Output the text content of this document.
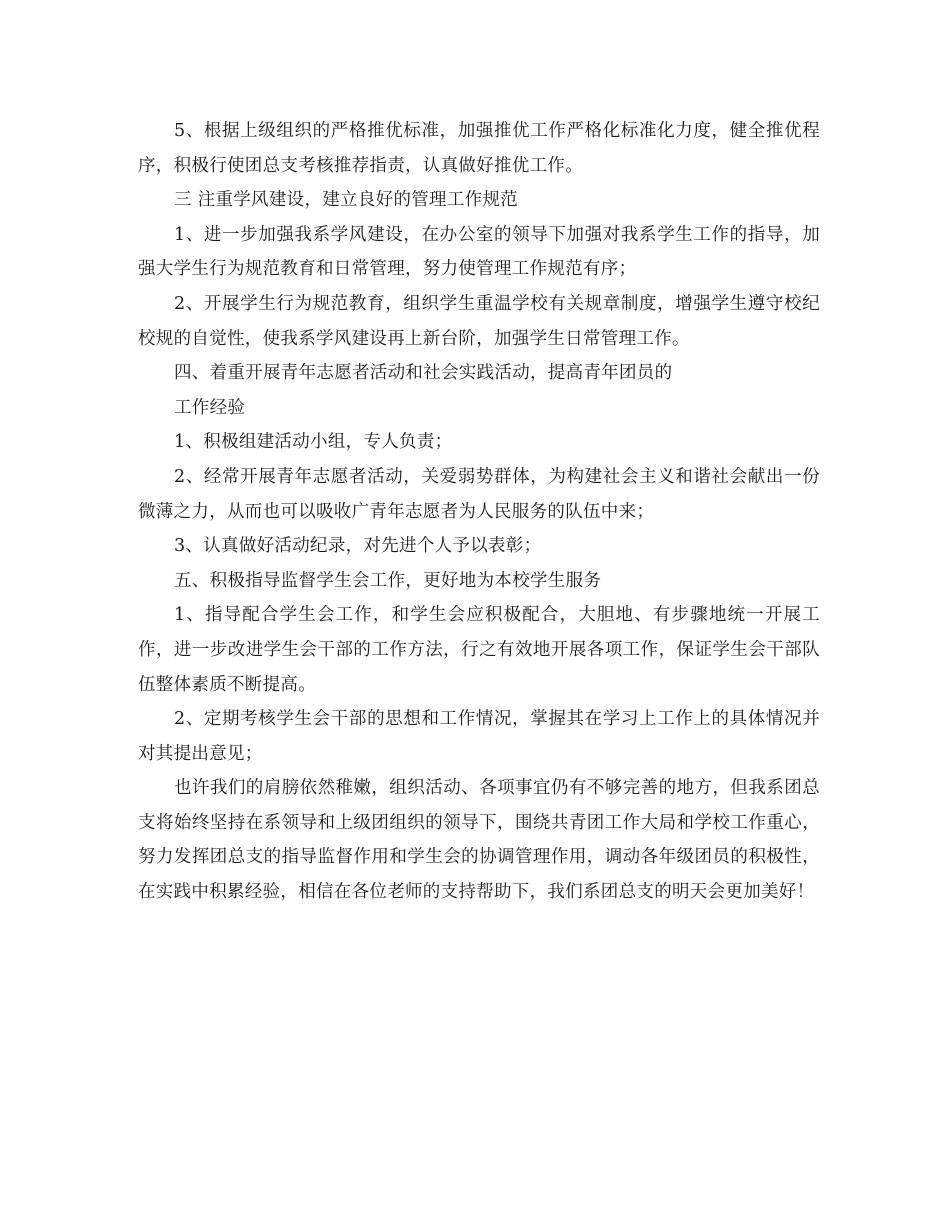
5、根据上级组织的严格推优标准，加强推优工作严格化标准化力度，健全推优程序，积极行使团总支考核推荐指责，认真做好推优工作。

三 注重学风建设，建立良好的管理工作规范

1、进一步加强我系学风建设，在办公室的领导下加强对我系学生工作的指导，加强大学生行为规范教育和日常管理，努力使管理工作规范有序；

2、开展学生行为规范教育，组织学生重温学校有关规章制度，增强学生遵守校纪校规的自觉性，使我系学风建设再上新台阶，加强学生日常管理工作。

四、着重开展青年志愿者活动和社会实践活动，提高青年团员的

工作经验

1、积极组建活动小组，专人负责；

2、经常开展青年志愿者活动，关爱弱势群体，为构建社会主义和谐社会献出一份微薄之力，从而也可以吸收广青年志愿者为人民服务的队伍中来；

3、认真做好活动纪录，对先进个人予以表彰；

五、积极指导监督学生会工作，更好地为本校学生服务

1、指导配合学生会工作，和学生会应积极配合，大胆地、有步骤地统一开展工作，进一步改进学生会干部的工作方法，行之有效地开展各项工作，保证学生会干部队伍整体素质不断提高。

2、定期考核学生会干部的思想和工作情况，掌握其在学习上工作上的具体情况并对其提出意见；

也许我们的肩膀依然稚嫩，组织活动、各项事宜仍有不够完善的地方，但我系团总支将始终坚持在系领导和上级团组织的领导下，围绕共青团工作大局和学校工作重心，努力发挥团总支的指导监督作用和学生会的协调管理作用，调动各年级团员的积极性，在实践中积累经验，相信在各位老师的支持帮助下，我们系团总支的明天会更加美好！
